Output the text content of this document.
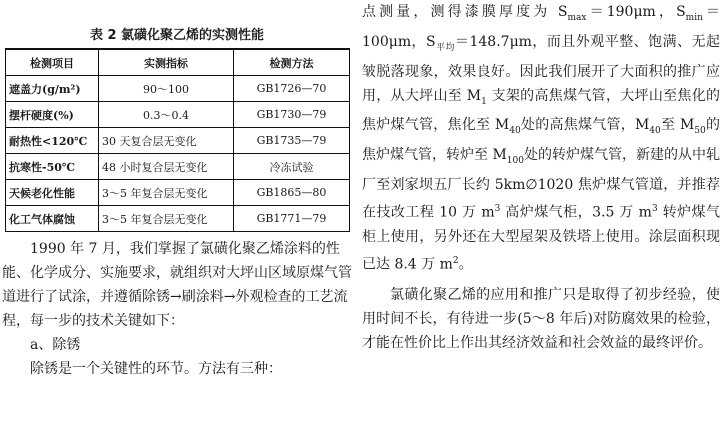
表 2 氯磺化聚乙烯的实测性能
检测项目	实测指标	检测方法
遮盖力(g/m²)	90～100	GB1726—70
摆杆硬度(%)	0.3～0.4	GB1730—79
耐热性<120℃	30 天复合层无变化	GB1735—79
抗寒性-50℃	48 小时复合层无变化	冷冻试验
天候老化性能	3～5 年复合层无变化	GB1865—80
化工气体腐蚀	3～5 年复合层无变化	GB1771—79

1990 年 7 月，我们掌握了氯磺化聚乙烯涂料的性能、化学成分、实施要求，就组织对大坪山区域原煤气管道进行了试涂，并遵循除锈→刷涂料→外观检查的工艺流程，每一步的技术关键如下：

a、除锈

除锈是一个关键性的环节。方法有三种：

点测量，测得漆膜厚度为 $S_{max}=190\mu m$，$S_{min}=100\mu m$，$S_{平均}=148.7\mu m$，而且外观平整、饱满、无起皱脱落现象，效果良好。因此我们展开了大面积的推广应用，从大坪山至 $M_1$ 支架的高焦煤气管，大坪山至焦化的焦炉煤气管，焦化至 $M_{40}$处的高焦煤气管，$M_{40}$至 $M_{50}$的焦炉煤气管，转炉至 $M_{100}$处的转炉煤气管，新建的从中轧厂至刘家坝五厂长约 5km∅1020 焦炉煤气管道，并推荐在技改工程 10 万 $m^3$ 高炉煤气柜，3.5 万 $m^3$ 转炉煤气柜上使用，另外还在大型屋架及铁塔上使用。涂层面积现已达 8.4 万 $m^2$。

氯磺化聚乙烯的应用和推广只是取得了初步经验，使用时间不长，有待进一步(5～8 年后)对防腐效果的检验，才能在性价比上作出其经济效益和社会效益的最终评价。
